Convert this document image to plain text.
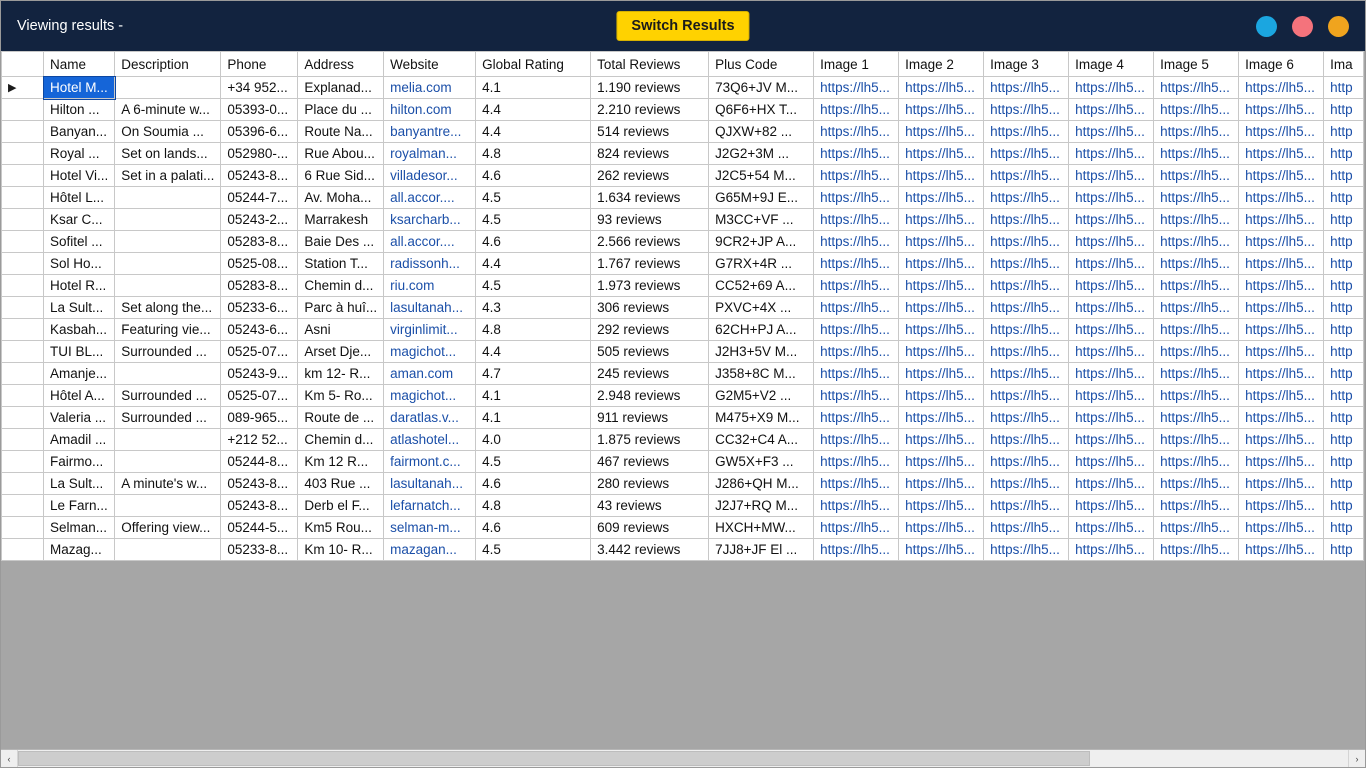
Viewing results -	Switch Results
	Name	Description	Phone	Address	Website	Global Rating	Total Reviews	Plus Code	Image 1	Image 2	Image 3	Image 4	Image 5	Image 6	Ima
▶	Hotel M...		+34 952...	Explanad...	melia.com	4.1	1.190 reviews	73Q6+JV M...	https://lh5...	https://lh5...	https://lh5...	https://lh5...	https://lh5...	https://lh5...	http
	Hilton ...	A 6-minute w...	05393-0...	Place du ...	hilton.com	4.4	2.210 reviews	Q6F6+HX T...	https://lh5...	https://lh5...	https://lh5...	https://lh5...	https://lh5...	https://lh5...	http
	Banyan...	On Soumia ...	05396-6...	Route Na...	banyantre...	4.4	514 reviews	QJXW+82 ...	https://lh5...	https://lh5...	https://lh5...	https://lh5...	https://lh5...	https://lh5...	http
	Royal ...	Set on lands...	052980-...	Rue Abou...	royalman...	4.8	824 reviews	J2G2+3M ...	https://lh5...	https://lh5...	https://lh5...	https://lh5...	https://lh5...	https://lh5...	http
	Hotel Vi...	Set in a palati...	05243-8...	6 Rue Sid...	villadesor...	4.6	262 reviews	J2C5+54 M...	https://lh5...	https://lh5...	https://lh5...	https://lh5...	https://lh5...	https://lh5...	http
	Hôtel L...		05244-7...	Av. Moha...	all.accor....	4.5	1.634 reviews	G65M+9J E...	https://lh5...	https://lh5...	https://lh5...	https://lh5...	https://lh5...	https://lh5...	http
	Ksar C...		05243-2...	Marrakesh	ksarcharb...	4.5	93 reviews	M3CC+VF ...	https://lh5...	https://lh5...	https://lh5...	https://lh5...	https://lh5...	https://lh5...	http
	Sofitel ...		05283-8...	Baie Des ...	all.accor....	4.6	2.566 reviews	9CR2+JP A...	https://lh5...	https://lh5...	https://lh5...	https://lh5...	https://lh5...	https://lh5...	http
	Sol Ho...		0525-08...	Station T...	radissonh...	4.4	1.767 reviews	G7RX+4R ...	https://lh5...	https://lh5...	https://lh5...	https://lh5...	https://lh5...	https://lh5...	http
	Hotel R...		05283-8...	Chemin d...	riu.com	4.5	1.973 reviews	CC52+69 A...	https://lh5...	https://lh5...	https://lh5...	https://lh5...	https://lh5...	https://lh5...	http
	La Sult...	Set along the...	05233-6...	Parc à huî...	lasultanah...	4.3	306 reviews	PXVC+4X ...	https://lh5...	https://lh5...	https://lh5...	https://lh5...	https://lh5...	https://lh5...	http
	Kasbah...	Featuring vie...	05243-6...	Asni	virginlimit...	4.8	292 reviews	62CH+PJ A...	https://lh5...	https://lh5...	https://lh5...	https://lh5...	https://lh5...	https://lh5...	http
	TUI BL...	Surrounded ...	0525-07...	Arset Dje...	magichot...	4.4	505 reviews	J2H3+5V M...	https://lh5...	https://lh5...	https://lh5...	https://lh5...	https://lh5...	https://lh5...	http
	Amanje...		05243-9...	km 12- R...	aman.com	4.7	245 reviews	J358+8C M...	https://lh5...	https://lh5...	https://lh5...	https://lh5...	https://lh5...	https://lh5...	http
	Hôtel A...	Surrounded ...	0525-07...	Km 5- Ro...	magichot...	4.1	2.948 reviews	G2M5+V2 ...	https://lh5...	https://lh5...	https://lh5...	https://lh5...	https://lh5...	https://lh5...	http
	Valeria ...	Surrounded ...	089-965...	Route de ...	daratlas.v...	4.1	911 reviews	M475+X9 M...	https://lh5...	https://lh5...	https://lh5...	https://lh5...	https://lh5...	https://lh5...	http
	Amadil ...		+212 52...	Chemin d...	atlashotel...	4.0	1.875 reviews	CC32+C4 A...	https://lh5...	https://lh5...	https://lh5...	https://lh5...	https://lh5...	https://lh5...	http
	Fairmo...		05244-8...	Km 12 R...	fairmont.c...	4.5	467 reviews	GW5X+F3 ...	https://lh5...	https://lh5...	https://lh5...	https://lh5...	https://lh5...	https://lh5...	http
	La Sult...	A minute's w...	05243-8...	403 Rue ...	lasultanah...	4.6	280 reviews	J286+QH M...	https://lh5...	https://lh5...	https://lh5...	https://lh5...	https://lh5...	https://lh5...	http
	Le Farn...		05243-8...	Derb el F...	lefarnatch...	4.8	43 reviews	J2J7+RQ M...	https://lh5...	https://lh5...	https://lh5...	https://lh5...	https://lh5...	https://lh5...	http
	Selman...	Offering view...	05244-5...	Km5 Rou...	selman-m...	4.6	609 reviews	HXCH+MW...	https://lh5...	https://lh5...	https://lh5...	https://lh5...	https://lh5...	https://lh5...	http
	Mazag...		05233-8...	Km 10- R...	mazagan...	4.5	3.442 reviews	7JJ8+JF El ...	https://lh5...	https://lh5...	https://lh5...	https://lh5...	https://lh5...	https://lh5...	http
‹	›
